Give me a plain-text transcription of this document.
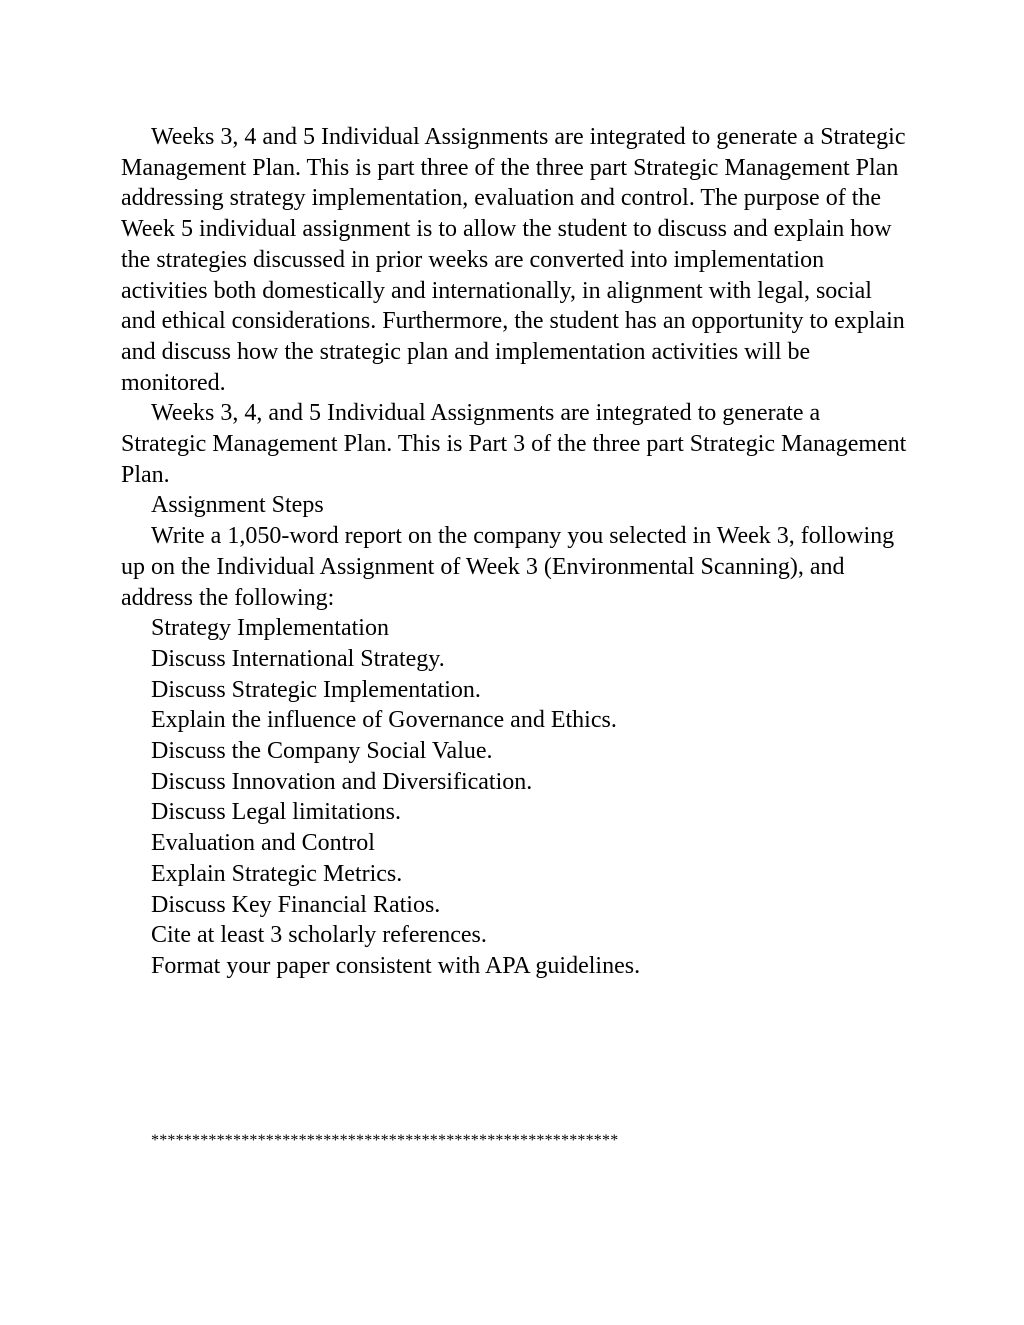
Weeks 3, 4 and 5 Individual Assignments are integrated to generate a Strategic Management Plan. This is part three of the three part Strategic Management Plan addressing strategy implementation, evaluation and control. The purpose of the Week 5 individual assignment is to allow the student to discuss and explain how the strategies discussed in prior weeks are converted into implementation activities both domestically and internationally, in alignment with legal, social and ethical considerations. Furthermore, the student has an opportunity to explain and discuss how the strategic plan and implementation activities will be monitored.

Weeks 3, 4, and 5 Individual Assignments are integrated to generate a Strategic Management Plan. This is Part 3 of the three part Strategic Management Plan.

Assignment Steps

Write a 1,050-word report on the company you selected in Week 3, following up on the Individual Assignment of Week 3 (Environmental Scanning), and address the following:

Strategy Implementation

Discuss International Strategy.

Discuss Strategic Implementation.

Explain the influence of Governance and Ethics.

Discuss the Company Social Value.

Discuss Innovation and Diversification.

Discuss Legal limitations.

Evaluation and Control

Explain Strategic Metrics.

Discuss Key Financial Ratios.

Cite at least 3 scholarly references.

Format your paper consistent with APA guidelines.

*********************************************************
